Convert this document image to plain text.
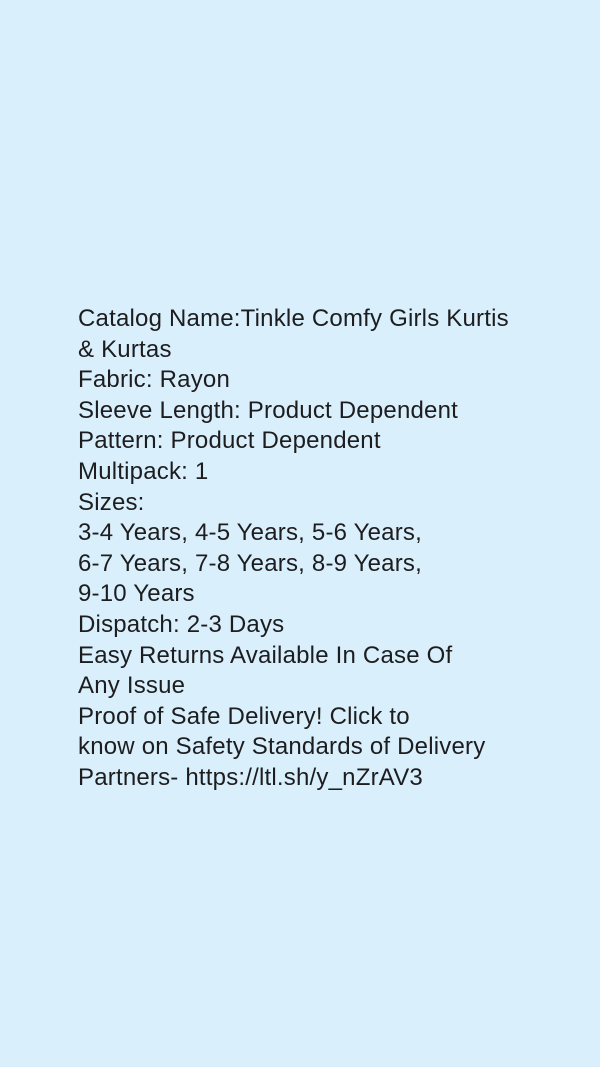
Catalog Name:Tinkle Comfy Girls Kurtis
& Kurtas
Fabric: Rayon
Sleeve Length: Product Dependent
Pattern: Product Dependent
Multipack: 1
Sizes:
3-4 Years, 4-5 Years, 5-6 Years,
6-7 Years, 7-8 Years, 8-9 Years,
9-10 Years
Dispatch: 2-3 Days
Easy Returns Available In Case Of
Any Issue
Proof of Safe Delivery! Click to
know on Safety Standards of Delivery
Partners- https://ltl.sh/y_nZrAV3
